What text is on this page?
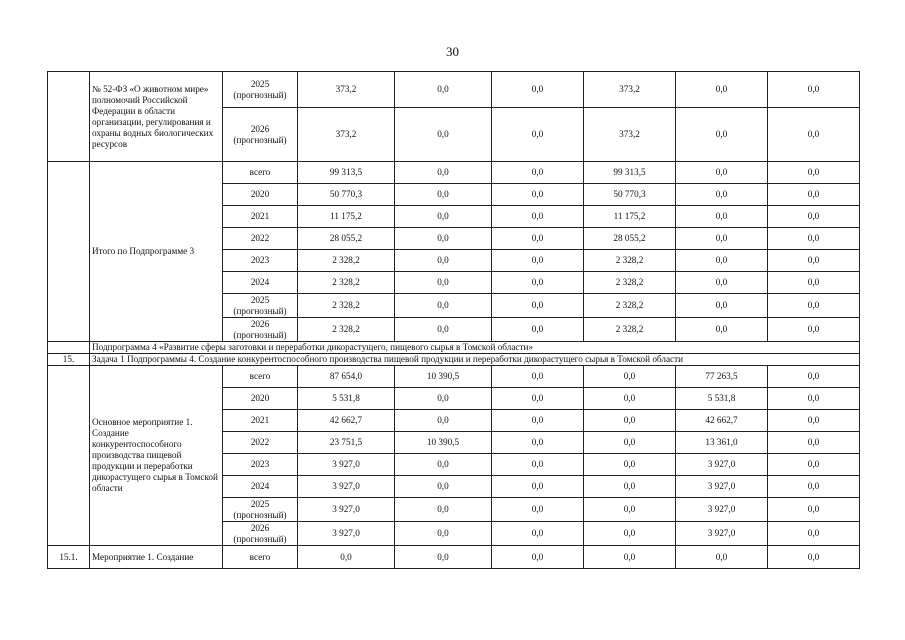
30
	№ 52-ФЗ «О животном мире» полномочий Российской Федерации в области организации, регулирования и охраны водных биологических ресурсов	2025 (прогнозный)	373,2	0,0	0,0	373,2	0,0	0,0
		2026 (прогнозный)	373,2	0,0	0,0	373,2	0,0	0,0
	Итого по Подпрограмме 3	всего	99 313,5	0,0	0,0	99 313,5	0,0	0,0
		2020	50 770,3	0,0	0,0	50 770,3	0,0	0,0
		2021	11 175,2	0,0	0,0	11 175,2	0,0	0,0
		2022	28 055,2	0,0	0,0	28 055,2	0,0	0,0
		2023	2 328,2	0,0	0,0	2 328,2	0,0	0,0
		2024	2 328,2	0,0	0,0	2 328,2	0,0	0,0
		2025 (прогнозный)	2 328,2	0,0	0,0	2 328,2	0,0	0,0
		2026 (прогнозный)	2 328,2	0,0	0,0	2 328,2	0,0	0,0
	Подпрограмма 4 «Развитие сферы заготовки и переработки дикорастущего, пищевого сырья в Томской области»							
15.	Задача 1 Подпрограммы 4. Создание конкурентоспособного производства пищевой продукции и переработки дикорастущего сырья в Томской области							
	Основное мероприятие 1. Создание конкурентоспособного производства пищевой продукции и переработки дикорастущего сырья в Томской области	всего	87 654,0	10 390,5	0,0	0,0	77 263,5	0,0
		2020	5 531,8	0,0	0,0	0,0	5 531,8	0,0
		2021	42 662,7	0,0	0,0	0,0	42 662,7	0,0
		2022	23 751,5	10 390,5	0,0	0,0	13 361,0	0,0
		2023	3 927,0	0,0	0,0	0,0	3 927,0	0,0
		2024	3 927,0	0,0	0,0	0,0	3 927,0	0,0
		2025 (прогнозный)	3 927,0	0,0	0,0	0,0	3 927,0	0,0
		2026 (прогнозный)	3 927,0	0,0	0,0	0,0	3 927,0	0,0
15.1.	Мероприятие 1. Создание	всего	0,0	0,0	0,0	0,0	0,0	0,0
